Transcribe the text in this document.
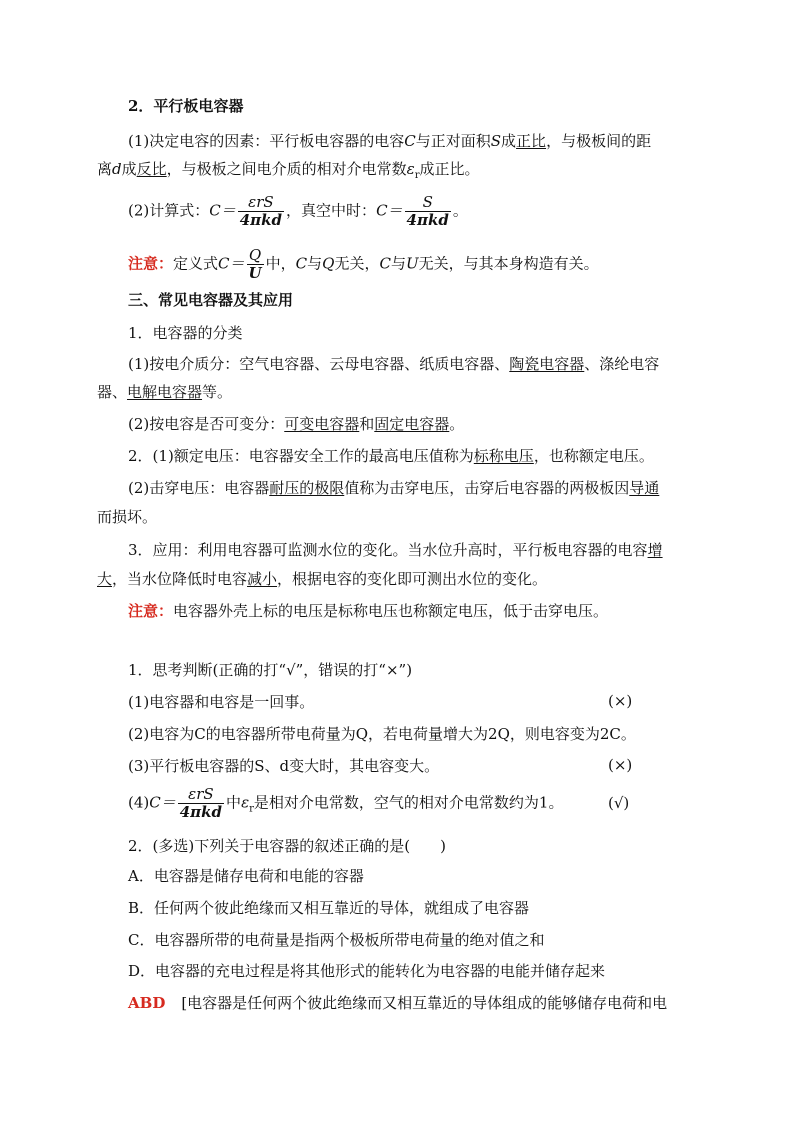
2．平行板电容器
(1)决定电容的因素：平行板电容器的电容C与正对面积S成正比，与极板间的距
离d成反比，与极板之间电介质的相对介电常数$\varepsilon_r$成正比。
(2)计算式：$C= \frac{\text{εrS}}{\text{4πkd}}$ ，真空中时：$C= \frac{S}{\text{4πkd}}$ 。
注意：定义式$C= \frac{Q}{U}$ 中，C与Q无关，C与U无关，与其本身构造有关。
三、常见电容器及其应用
1．电容器的分类
(1)按电介质分：空气电容器、云母电容器、纸质电容器、陶瓷电容器、涤纶电容
器、电解电容器等。
(2)按电容是否可变分：可变电容器和固定电容器。
2．(1)额定电压：电容器安全工作的最高电压值称为标称电压，也称额定电压。
(2)击穿电压：电容器耐压的极限值称为击穿电压，击穿后电容器的两极板因导通
而损坏。
3．应用：利用电容器可监测水位的变化。当水位升高时，平行板电容器的电容增
大，当水位降低时电容减小，根据电容的变化即可测出水位的变化。
注意：电容器外壳上标的电压是标称电压也称额定电压，低于击穿电压。
1．思考判断(正确的打“√”，错误的打“×”)
(1)电容器和电容是一回事。	(×)
(2)电容为C的电容器所带电荷量为Q，若电荷量增大为2Q，则电容变为2C。
(3)平行板电容器的S、d变大时，其电容变大。	(×)
$(4)C= \frac{\text{εrS}}{\text{4πkd}}$ 中$\varepsilon_r$是相对介电常数，空气的相对介电常数约为1。	(√)
2．(多选)下列关于电容器的叙述正确的是(　　)
A．电容器是储存电荷和电能的容器
B．任何两个彼此绝缘而又相互靠近的导体，就组成了电容器
C．电容器所带的电荷量是指两个极板所带电荷量的绝对值之和
D．电容器的充电过程是将其他形式的能转化为电容器的电能并储存起来
ABD [电容器是任何两个彼此绝缘而又相互靠近的导体组成的能够储存电荷和电
